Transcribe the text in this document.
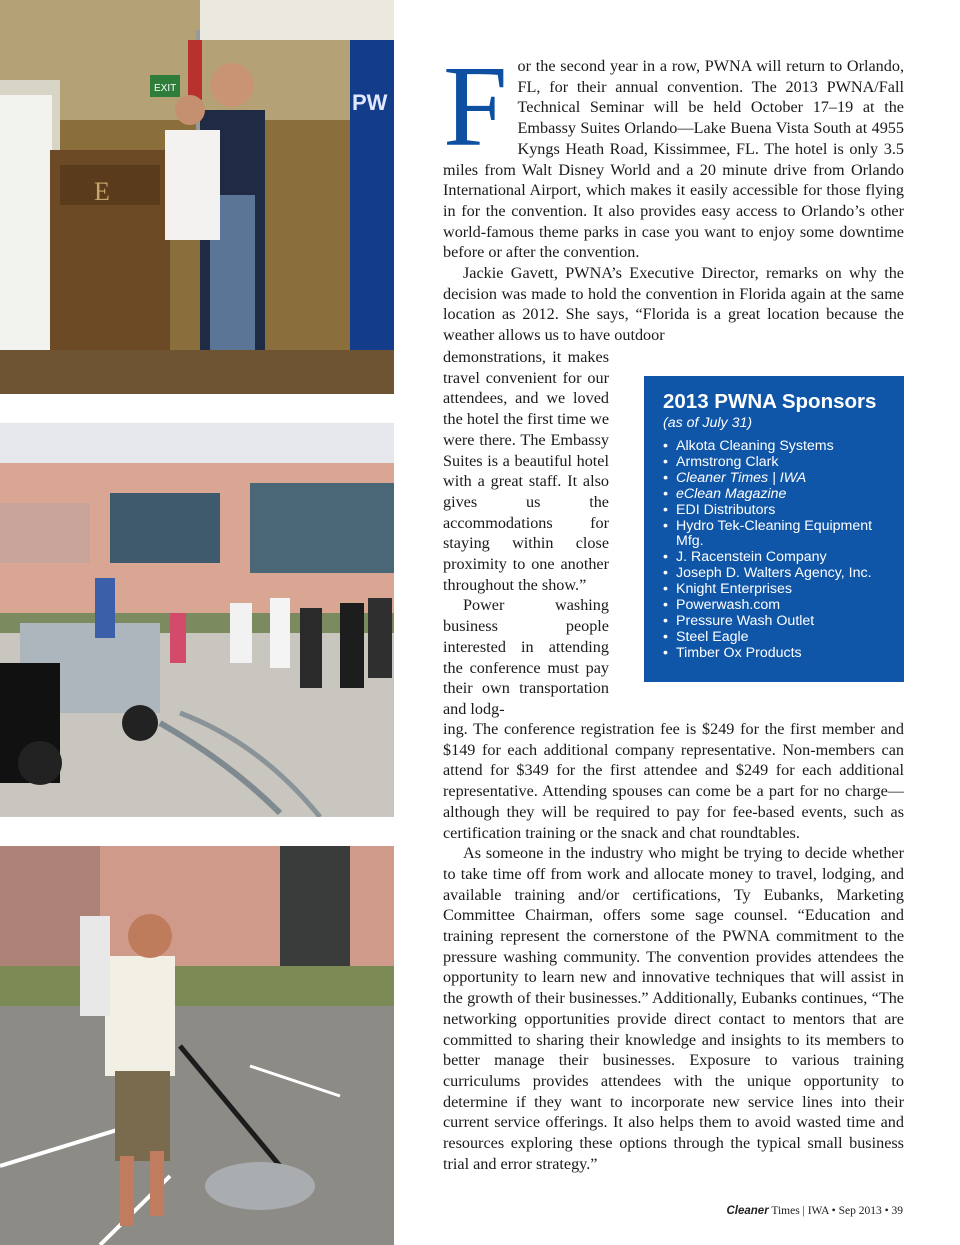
EXIT
PW
E
F or the second year in a row, PWNA will return to Orlando, FL, for their annual convention. The 2013 PWNA/Fall Technical Seminar will be held October 17–19 at the Embassy Suites Orlando—Lake Buena Vista South at 4955 Kyngs Heath Road, Kissimmee, FL. The hotel is only 3.5 miles from Walt Disney World and a 20 minute drive from Orlando International Airport, which makes it easily accessible for those flying in for the convention. It also provides easy access to Orlando’s other world-famous theme parks in case you want to enjoy some downtime before or after the convention.

Jackie Gavett, PWNA’s Executive Director, remarks on why the decision was made to hold the convention in Florida again at the same location as 2012. She says, “Florida is a great location because the weather allows us to have outdoor

demonstrations, it makes travel convenient for our attendees, and we loved the hotel the first time we were there. The Embassy Suites is a beautiful hotel with a great staff. It also gives us the accommodations for staying within close proximity to one another throughout the show.”

Power washing business people interested in attending the conference must pay their own transportation and lodg-

2013 PWNA Sponsors
(as of July 31)
• Alkota Cleaning Systems
• Armstrong Clark
• Cleaner Times | IWA
• eClean Magazine
• EDI Distributors
• Hydro Tek-Cleaning Equipment Mfg.
• J. Racenstein Company
• Joseph D. Walters Agency, Inc.
• Knight Enterprises
• Powerwash.com
• Pressure Wash Outlet
• Steel Eagle
• Timber Ox Products

ing. The conference registration fee is $249 for the first member and $149 for each additional company representative. Non-members can attend for $349 for the first attendee and $249 for each additional representative. Attending spouses can come be a part for no charge—although they will be required to pay for fee-based events, such as certification training or the snack and chat roundtables.

As someone in the industry who might be trying to decide whether to take time off from work and allocate money to travel, lodging, and available training and/or certifications, Ty Eubanks, Marketing Committee Chairman, offers some sage counsel. “Education and training represent the cornerstone of the PWNA commitment to the pressure washing community. The convention provides attendees the opportunity to learn new and innovative techniques that will assist in the growth of their businesses.” Additionally, Eubanks continues, “The networking opportunities provide direct contact to mentors that are committed to sharing their knowledge and insights to its members to better manage their businesses. Exposure to various training curriculums provides attendees with the unique opportunity to determine if they want to incorporate new service lines into their current service offerings. It also helps them to avoid wasted time and resources exploring these options through the typical small business trial and error strategy.”

Cleaner Times | IWA • Sep 2013 • 39
